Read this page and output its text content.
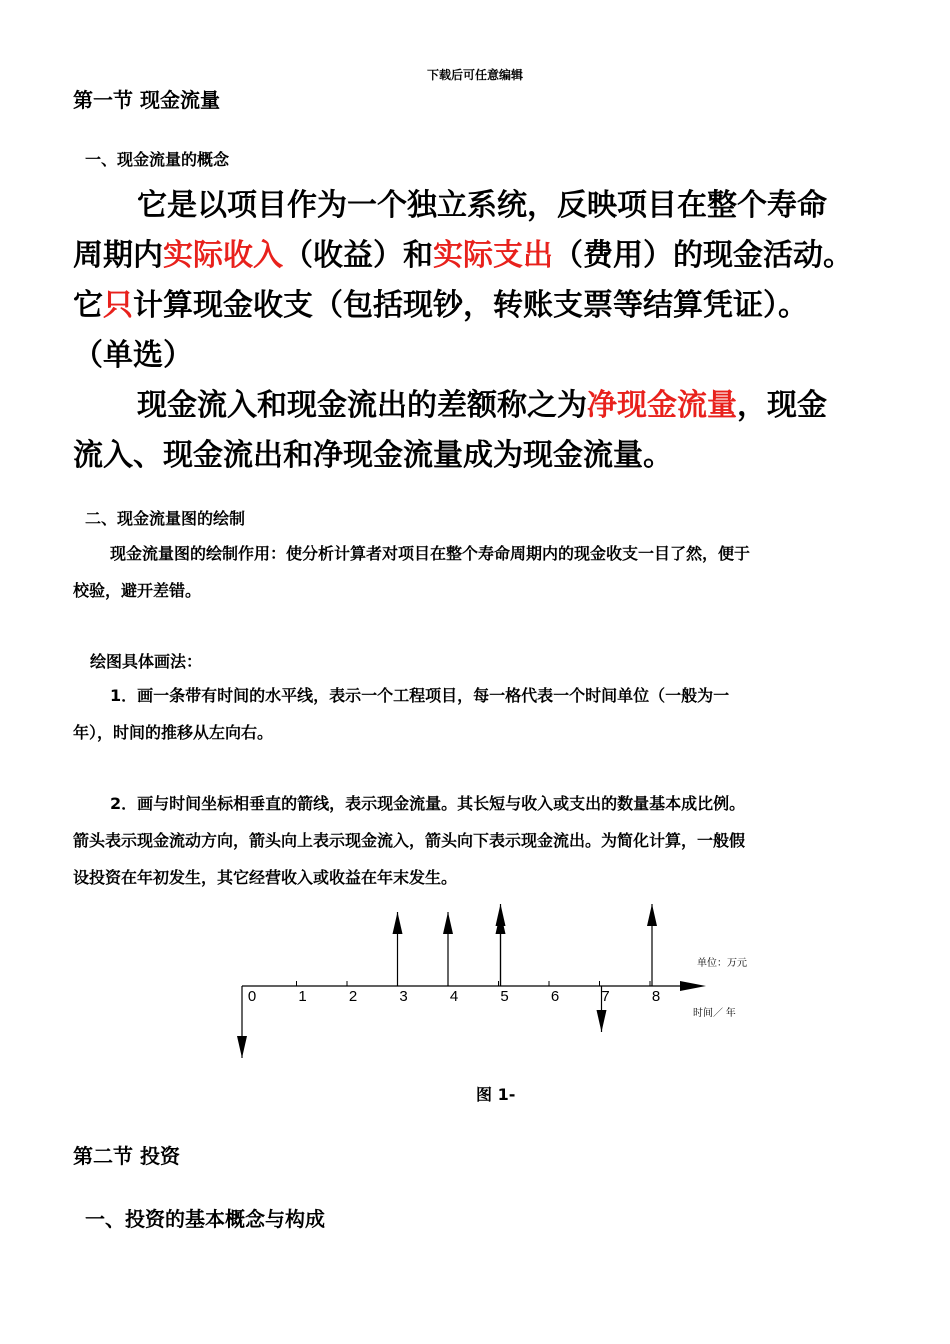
下载后可任意编辑
第一节 现金流量
一、现金流量的概念
它是以项目作为一个独立系统，反映项目在整个寿命
周期内实际收入（收益）和实际支出（费用）的现金活动。
它只计算现金收支（包括现钞，转账支票等结算凭证）。
（单选）
现金流入和现金流出的差额称之为净现金流量，现金
流入、现金流出和净现金流量成为现金流量。
二、现金流量图的绘制
现金流量图的绘制作用：使分析计算者对项目在整个寿命周期内的现金收支一目了然，便于
校验，避开差错。
绘图具体画法：
1．画一条带有时间的水平线，表示一个工程项目，每一格代表一个时间单位（一般为一
年），时间的推移从左向右。
2．画与时间坐标相垂直的箭线，表示现金流量。其长短与收入或支出的数量基本成比例。
箭头表示现金流动方向，箭头向上表示现金流入，箭头向下表示现金流出。为简化计算，一般假
设投资在年初发生，其它经营收入或收益在年末发生。
0	1	2	3	4	5	6	7	8
单位：万元
时间／ 年
图 1-
第二节 投资
一、投资的基本概念与构成
